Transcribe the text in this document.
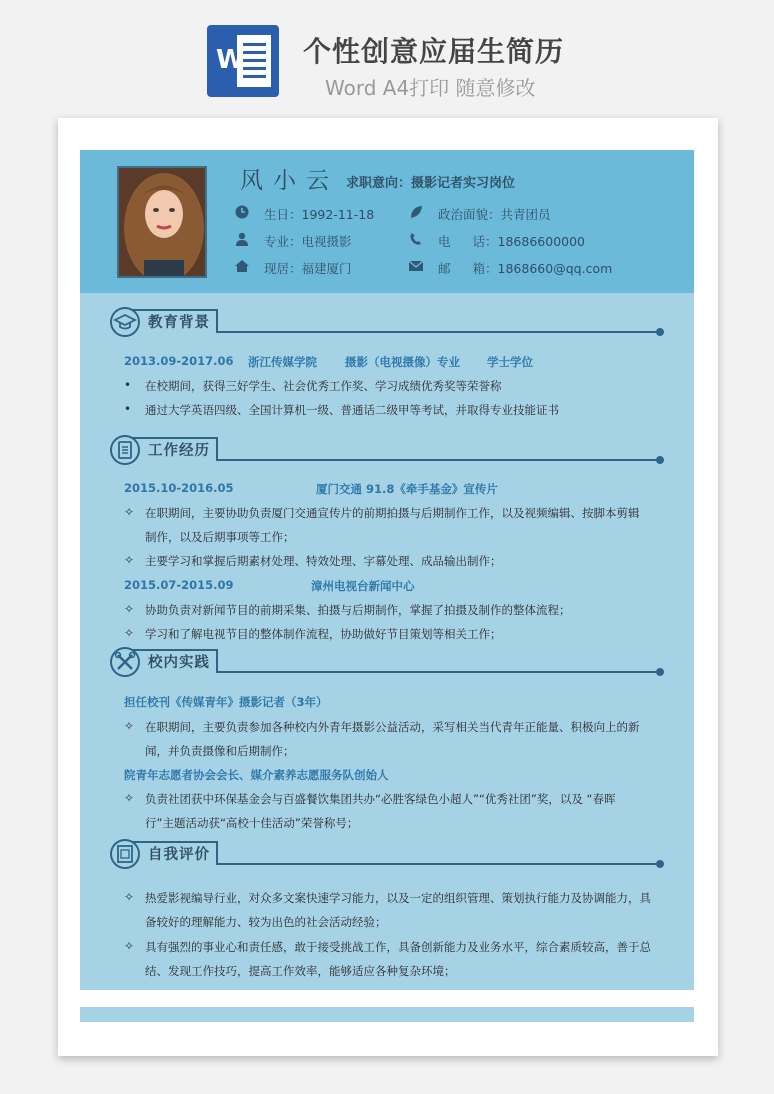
W 个性创意应届生简历
Word A4打印 随意修改
风小云 求职意向：摄影记者实习岗位
生日：1992-11-18	政治面貌：共青团员
专业：电视摄影	电 话：18686600000
现居：福建厦门	邮 箱：1868660@qq.com
教育背景
2013.09-2017.06 浙江传媒学院 摄影（电视摄像）专业 学士学位
• 在校期间，获得三好学生、社会优秀工作奖、学习成绩优秀奖等荣誉称
• 通过大学英语四级、全国计算机一级、普通话二级甲等考试，并取得专业技能证书
工作经历
2015.10-2016.05	厦门交通 91.8《牵手基金》宣传片
✧ 在职期间，主要协助负责厦门交通宣传片的前期拍摄与后期制作工作，以及视频编辑、按脚本剪辑
制作，以及后期事项等工作；
✧ 主要学习和掌握后期素材处理、特效处理、字幕处理、成品输出制作；
2015.07-2015.09	漳州电视台新闻中心
✧ 协助负责对新闻节目的前期采集、拍摄与后期制作，掌握了拍摄及制作的整体流程；
✧ 学习和了解电视节目的整体制作流程，协助做好节目策划等相关工作；
校内实践
担任校刊《传媒青年》摄影记者（3年）
✧ 在职期间，主要负责参加各种校内外青年摄影公益活动，采写相关当代青年正能量、积极向上的新
闻，并负责摄像和后期制作；
院青年志愿者协会会长、媒介素养志愿服务队创始人
✧ 负责社团获中环保基金会与百盛餐饮集团共办“必胜客绿色小超人”“优秀社团”奖，以及 “春晖
行”主题活动获“高校十佳活动”荣誉称号；
自我评价
✧ 热爱影视编导行业，对众多文案快速学习能力，以及一定的组织管理、策划执行能力及协调能力，具
备较好的理解能力、较为出色的社会活动经验；
✧ 具有强烈的事业心和责任感，敢于接受挑战工作，具备创新能力及业务水平，综合素质较高，善于总
结、发现工作技巧，提高工作效率，能够适应各种复杂环境；
